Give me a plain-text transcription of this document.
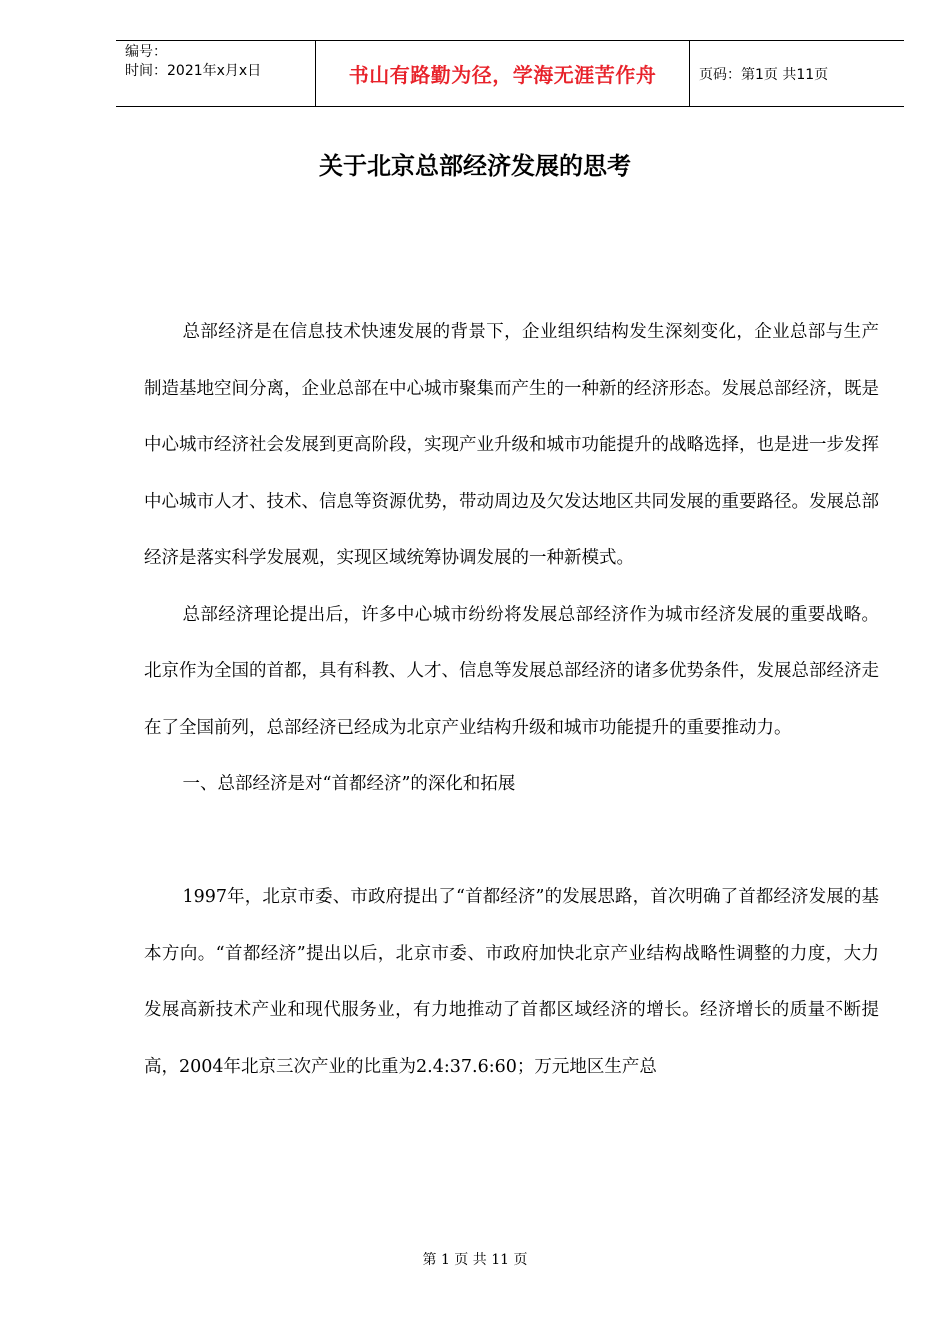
编号：
时间：2021年x月x日	书山有路勤为径，学海无涯苦作舟	页码：第1页 共11页
关于北京总部经济发展的思考

总部经济是在信息技术快速发展的背景下，企业组织结构发生深刻变化，企业总部与生产制造基地空间分离，企业总部在中心城市聚集而产生的一种新的经济形态。发展总部经济，既是中心城市经济社会发展到更高阶段，实现产业升级和城市功能提升的战略选择，也是进一步发挥中心城市人才、技术、信息等资源优势，带动周边及欠发达地区共同发展的重要路径。发展总部经济是落实科学发展观，实现区域统筹协调发展的一种新模式。

总部经济理论提出后，许多中心城市纷纷将发展总部经济作为城市经济发展的重要战略。北京作为全国的首都，具有科教、人才、信息等发展总部经济的诸多优势条件，发展总部经济走在了全国前列，总部经济已经成为北京产业结构升级和城市功能提升的重要推动力。

一、总部经济是对“首都经济”的深化和拓展

1997年，北京市委、市政府提出了“首都经济”的发展思路，首次明确了首都经济发展的基本方向。“首都经济”提出以后，北京市委、市政府加快北京产业结构战略性调整的力度，大力发展高新技术产业和现代服务业，有力地推动了首都区域经济的增长。经济增长的质量不断提高，2004年北京三次产业的比重为2.4:37.6:60；万元地区生产总

第 1 页 共 11 页
